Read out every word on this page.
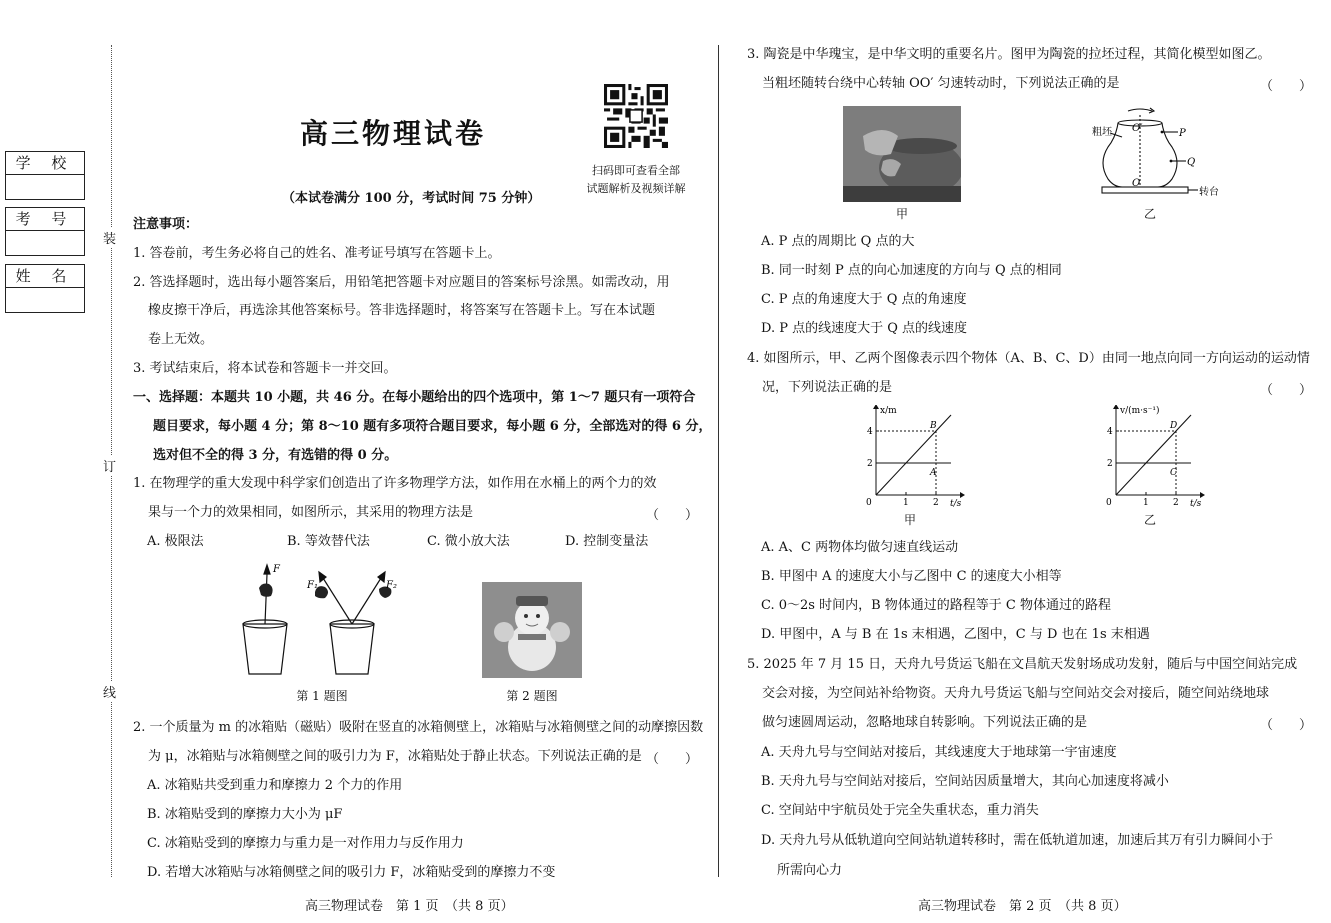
学 校
考 号
姓 名
装
订
线
高三物理试卷
扫码即可查看全部
试题解析及视频详解
（本试卷满分 100 分，考试时间 75 分钟）
注意事项：
1. 答卷前，考生务必将自己的姓名、准考证号填写在答题卡上。
2. 答选择题时，选出每小题答案后，用铅笔把答题卡对应题目的答案标号涂黑。如需改动，用
橡皮擦干净后，再选涂其他答案标号。答非选择题时，将答案写在答题卡上。写在本试题
卷上无效。
3. 考试结束后，将本试卷和答题卡一并交回。
一、选择题：本题共 10 小题，共 46 分。在每小题给出的四个选项中，第 1～7 题只有一项符合
题目要求，每小题 4 分；第 8～10 题有多项符合题目要求，每小题 6 分，全部选对的得 6 分，
选对但不全的得 3 分，有选错的得 0 分。
1. 在物理学的重大发现中科学家们创造出了许多物理学方法，如作用在水桶上的两个力的效
果与一个力的效果相同，如图所示，其采用的物理方法是	（　　）
A. 极限法	B. 等效替代法	C. 微小放大法	D. 控制变量法
F
F₁	F₂
第 1 题图	第 2 题图
2. 一个质量为 m 的冰箱贴（磁贴）吸附在竖直的冰箱侧壁上，冰箱贴与冰箱侧壁之间的动摩擦因数
为 μ，冰箱贴与冰箱侧壁之间的吸引力为 F，冰箱贴处于静止状态。下列说法正确的是 （　　）
A. 冰箱贴共受到重力和摩擦力 2 个力的作用
B. 冰箱贴受到的摩擦力大小为 μF
C. 冰箱贴受到的摩擦力与重力是一对作用力与反作用力
D. 若增大冰箱贴与冰箱侧壁之间的吸引力 F，冰箱贴受到的摩擦力不变
3. 陶瓷是中华瑰宝，是中华文明的重要名片。图甲为陶瓷的拉坯过程，其简化模型如图乙。
当粗坯随转台绕中心转轴 OO′ 匀速转动时，下列说法正确的是	（　　）
甲
O′
O
P
Q
粗坯
转台
乙
A. P 点的周期比 Q 点的大
B. 同一时刻 P 点的向心加速度的方向与 Q 点的相同
C. P 点的角速度大于 Q 点的角速度
D. P 点的线速度大于 Q 点的线速度
4. 如图所示，甲、乙两个图像表示四个物体（A、B、C、D）由同一地点向同一方向运动的运动情
况，下列说法正确的是	（　　）
x/m
t/s
0	1	2
2
4
B
A
甲
v/(m·s⁻¹)
t/s
0	1	2
2
4
D
C
乙
A. A、C 两物体均做匀速直线运动
B. 甲图中 A 的速度大小与乙图中 C 的速度大小相等
C. 0～2s 时间内，B 物体通过的路程等于 C 物体通过的路程
D. 甲图中，A 与 B 在 1s 末相遇，乙图中，C 与 D 也在 1s 末相遇
5. 2025 年 7 月 15 日，天舟九号货运飞船在文昌航天发射场成功发射，随后与中国空间站完成
交会对接，为空间站补给物资。天舟九号货运飞船与空间站交会对接后，随空间站绕地球
做匀速圆周运动，忽略地球自转影响。下列说法正确的是	（　　）
A. 天舟九号与空间站对接后，其线速度大于地球第一宇宙速度
B. 天舟九号与空间站对接后，空间站因质量增大，其向心加速度将减小
C. 空间站中宇航员处于完全失重状态，重力消失
D. 天舟九号从低轨道向空间站轨道转移时，需在低轨道加速，加速后其万有引力瞬间小于
所需向心力
高三物理试卷　第 1 页　（共 8 页）	高三物理试卷　第 2 页　（共 8 页）
